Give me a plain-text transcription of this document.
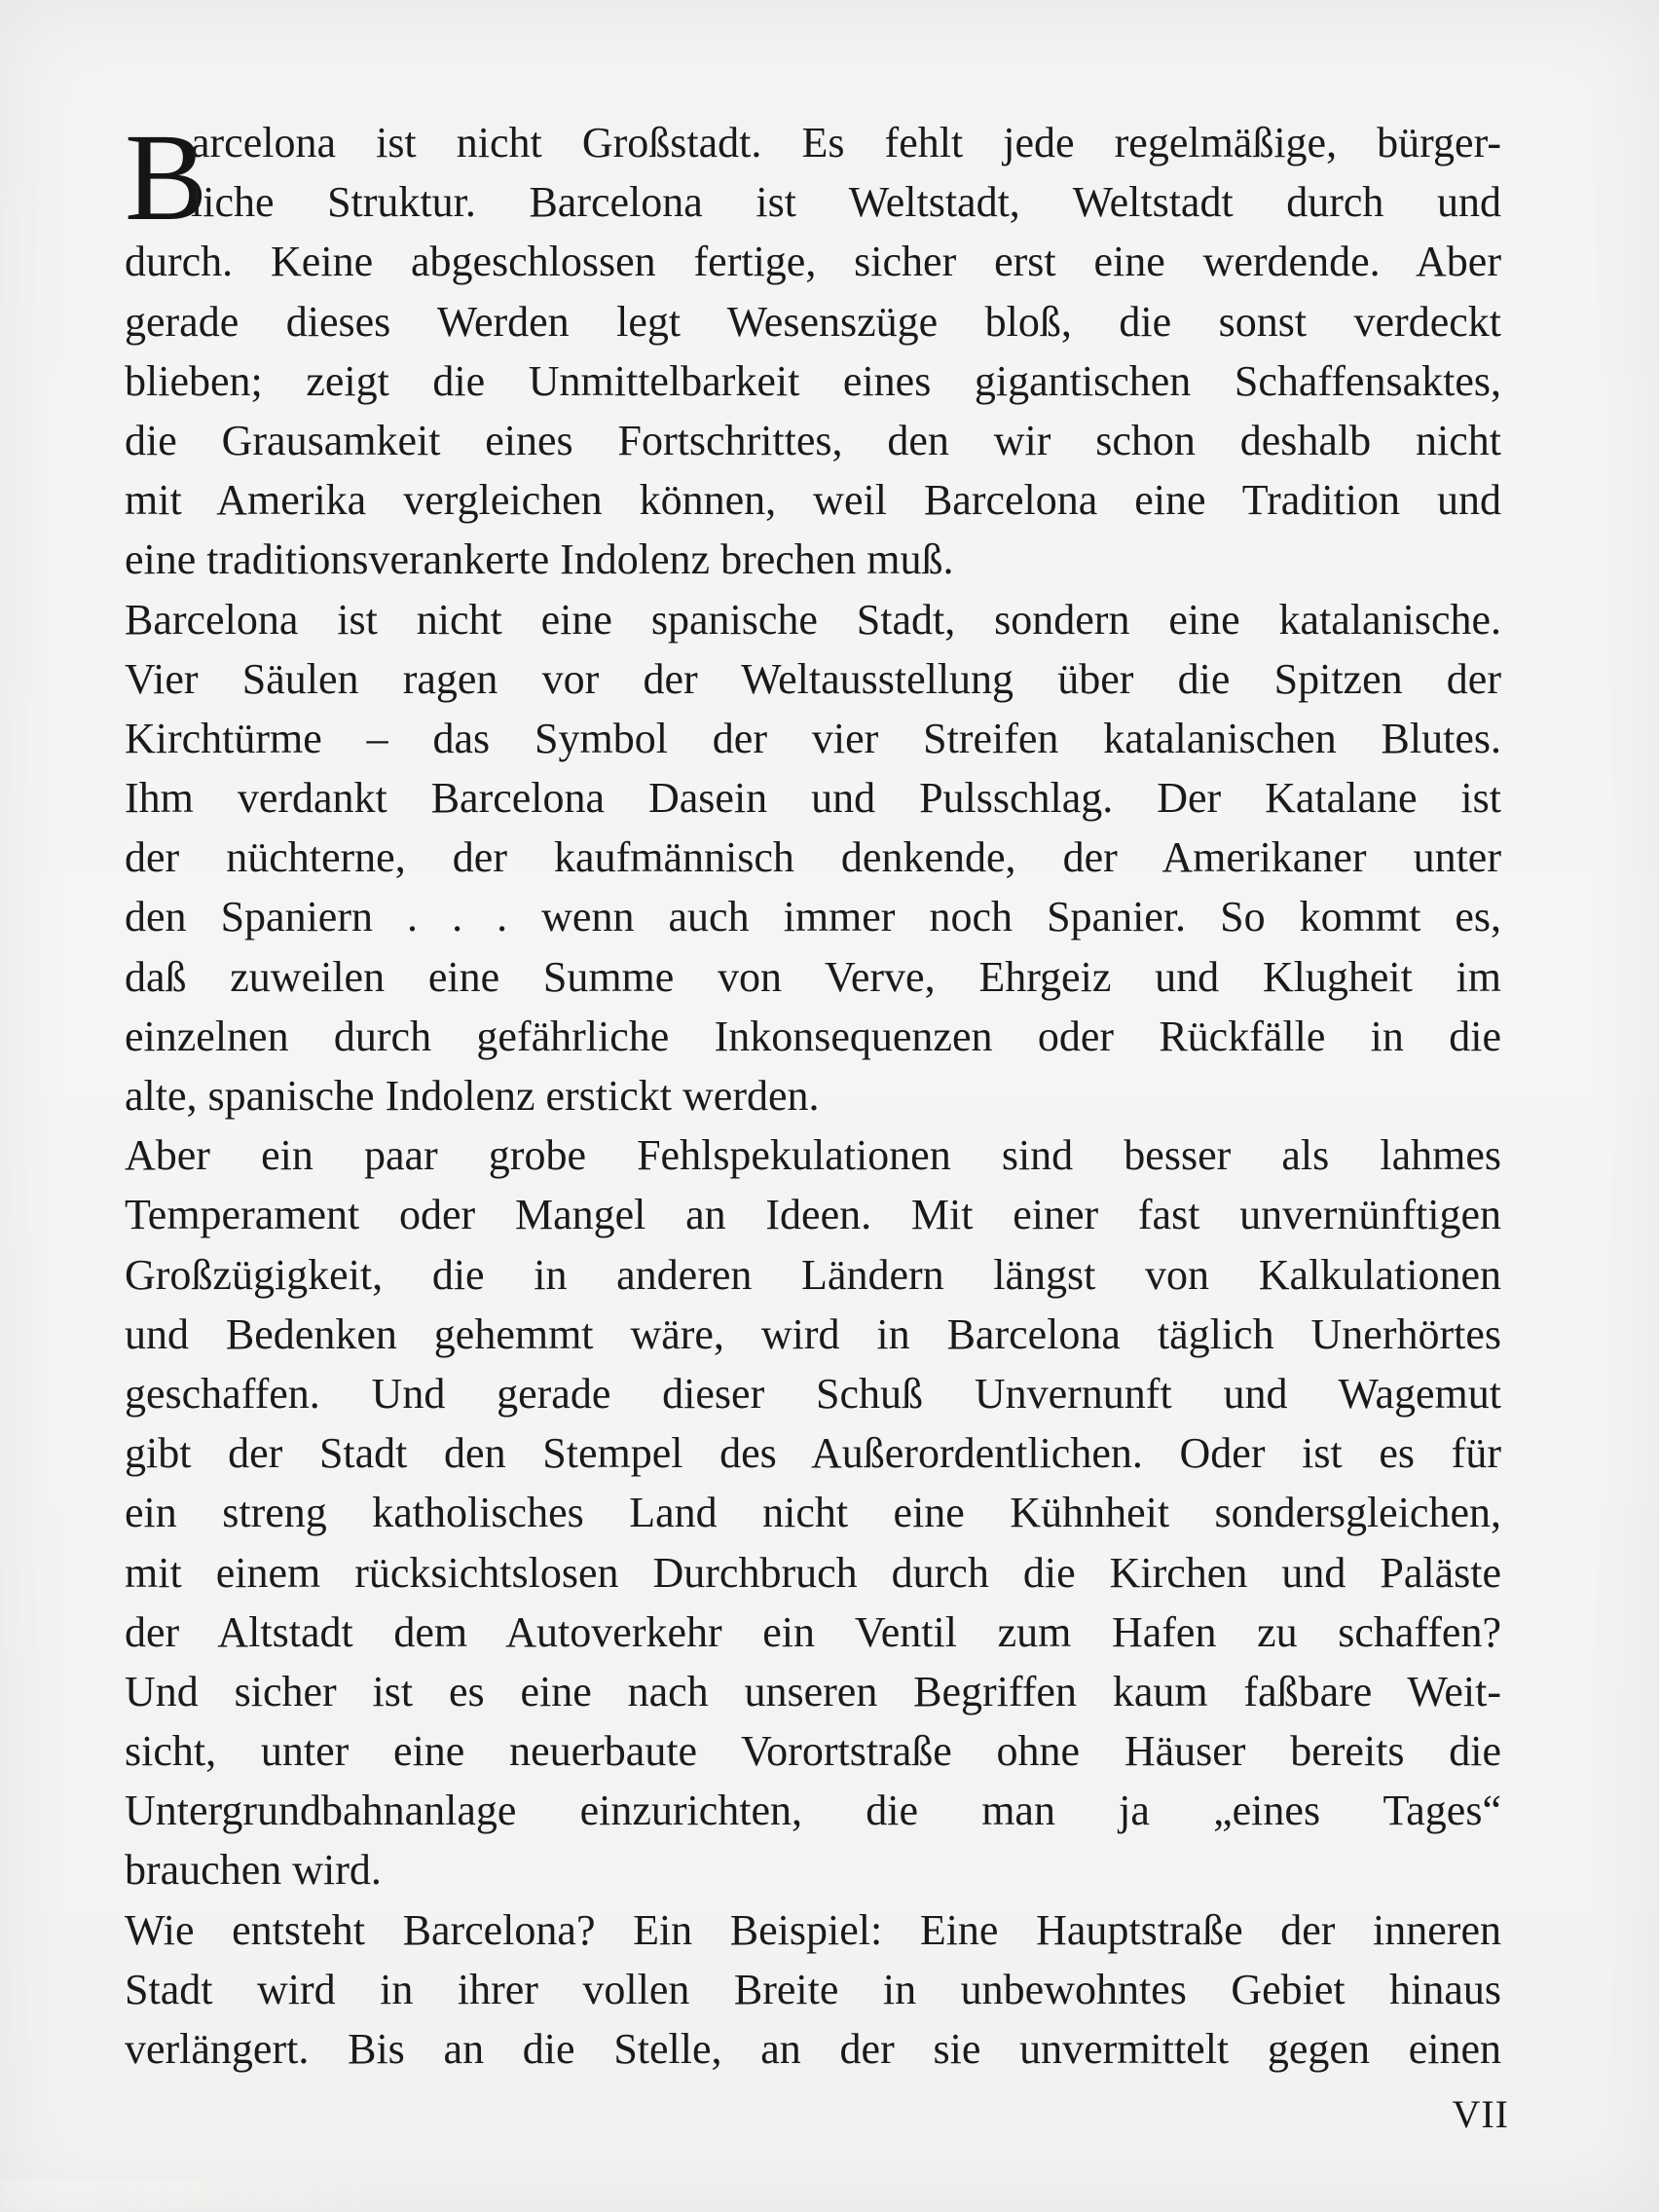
B
arcelona ist nicht Großstadt. Es fehlt jede regelmäßige, bürger-
liche Struktur. Barcelona ist Weltstadt, Weltstadt durch und
durch. Keine abgeschlossen fertige, sicher erst eine werdende. Aber
gerade dieses Werden legt Wesenszüge bloß, die sonst verdeckt
blieben; zeigt die Unmittelbarkeit eines gigantischen Schaffensaktes,
die Grausamkeit eines Fortschrittes, den wir schon deshalb nicht
mit Amerika vergleichen können, weil Barcelona eine Tradition und
eine traditionsverankerte Indolenz brechen muß.
Barcelona ist nicht eine spanische Stadt, sondern eine katalanische.
Vier Säulen ragen vor der Weltausstellung über die Spitzen der
Kirchtürme – das Symbol der vier Streifen katalanischen Blutes.
Ihm verdankt Barcelona Dasein und Pulsschlag. Der Katalane ist
der nüchterne, der kaufmännisch denkende, der Amerikaner unter
den Spaniern . . . wenn auch immer noch Spanier. So kommt es,
daß zuweilen eine Summe von Verve, Ehrgeiz und Klugheit im
einzelnen durch gefährliche Inkonsequenzen oder Rückfälle in die
alte, spanische Indolenz erstickt werden.
Aber ein paar grobe Fehlspekulationen sind besser als lahmes
Temperament oder Mangel an Ideen. Mit einer fast unvernünftigen
Großzügigkeit, die in anderen Ländern längst von Kalkulationen
und Bedenken gehemmt wäre, wird in Barcelona täglich Unerhörtes
geschaffen. Und gerade dieser Schuß Unvernunft und Wagemut
gibt der Stadt den Stempel des Außerordentlichen. Oder ist es für
ein streng katholisches Land nicht eine Kühnheit sondersgleichen,
mit einem rücksichtslosen Durchbruch durch die Kirchen und Paläste
der Altstadt dem Autoverkehr ein Ventil zum Hafen zu schaffen?
Und sicher ist es eine nach unseren Begriffen kaum faßbare Weit-
sicht, unter eine neuerbaute Vorortstraße ohne Häuser bereits die
Untergrundbahnanlage einzurichten, die man ja „eines Tages“
brauchen wird.
Wie entsteht Barcelona? Ein Beispiel: Eine Hauptstraße der inneren
Stadt wird in ihrer vollen Breite in unbewohntes Gebiet hinaus
verlängert. Bis an die Stelle, an der sie unvermittelt gegen einen
VII
